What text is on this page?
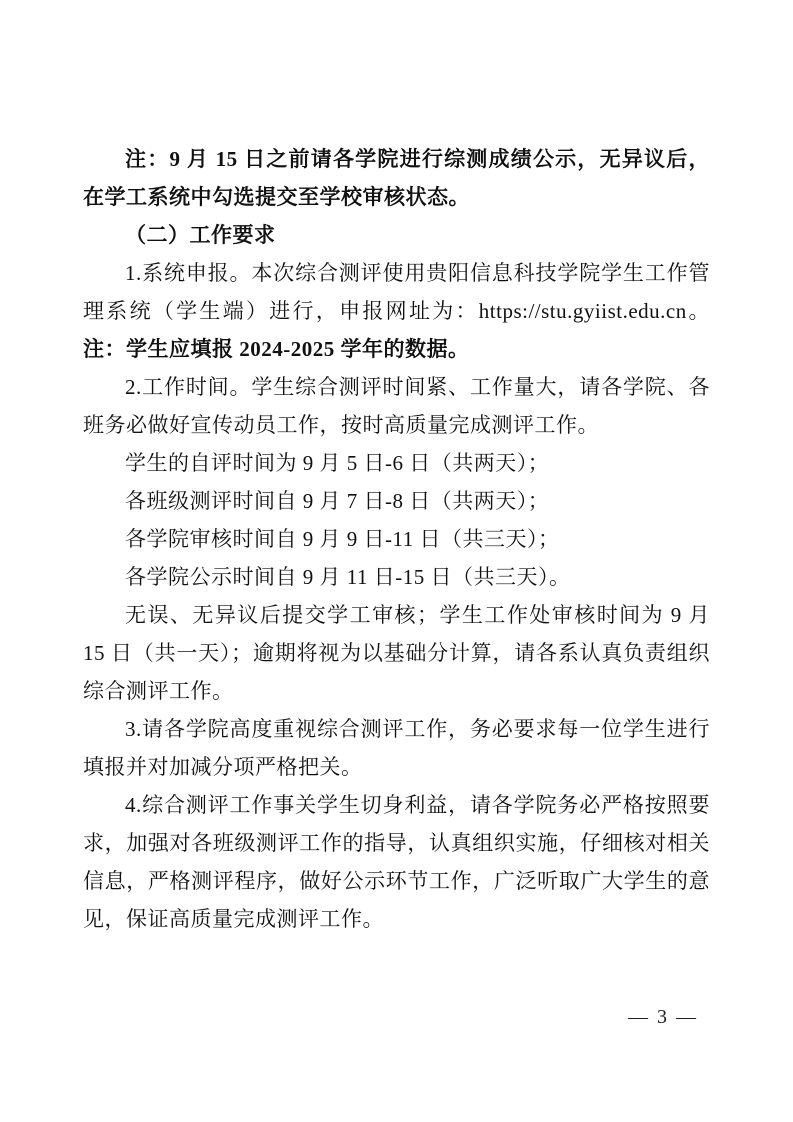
注：9 月 15 日之前请各学院进行综测成绩公示，无异议后，在学工系统中勾选提交至学校审核状态。

（二）工作要求

1.系统申报。本次综合测评使用贵阳信息科技学院学生工作管理系统（学生端）进行，申报网址为：https://stu.gyiist.edu.cn。注：学生应填报 2024-2025 学年的数据。

2.工作时间。学生综合测评时间紧、工作量大，请各学院、各班务必做好宣传动员工作，按时高质量完成测评工作。

学生的自评时间为 9 月 5 日-6 日（共两天）；

各班级测评时间自 9 月 7 日-8 日（共两天）；

各学院审核时间自 9 月 9 日-11 日（共三天）；

各学院公示时间自 9 月 11 日-15 日（共三天）。

无误、无异议后提交学工审核；学生工作处审核时间为 9 月 15 日（共一天）；逾期将视为以基础分计算，请各系认真负责组织综合测评工作。

3.请各学院高度重视综合测评工作，务必要求每一位学生进行填报并对加减分项严格把关。

4.综合测评工作事关学生切身利益，请各学院务必严格按照要求，加强对各班级测评工作的指导，认真组织实施，仔细核对相关信息，严格测评程序，做好公示环节工作，广泛听取广大学生的意见，保证高质量完成测评工作。

— 3 —
